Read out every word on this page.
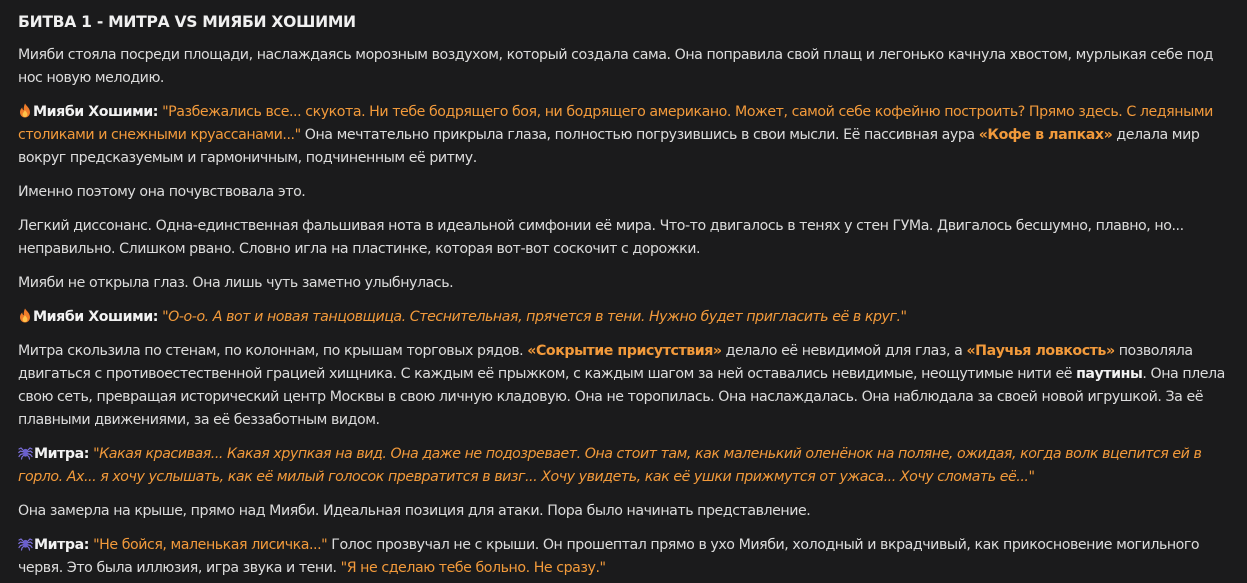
БИТВА 1 - МИТРА VS МИЯБИ ХОШИМИ

Мияби стояла посреди площади, наслаждаясь морозным воздухом, который создала сама. Она поправила свой плащ и легонько качнула хвостом, мурлыкая себе под нос новую мелодию.

Мияби Хошими: "Разбежались все... скукота. Ни тебе бодрящего боя, ни бодрящего американо. Может, самой себе кофейню построить? Прямо здесь. С ледяными столиками и снежными круассанами..." Она мечтательно прикрыла глаза, полностью погрузившись в свои мысли. Её пассивная аура «Кофе в лапках» делала мир вокруг предсказуемым и гармоничным, подчиненным её ритму.

Именно поэтому она почувствовала это.

Легкий диссонанс. Одна-единственная фальшивая нота в идеальной симфонии её мира. Что-то двигалось в тенях у стен ГУМа. Двигалось бесшумно, плавно, но... неправильно. Слишком рвано. Словно игла на пластинке, которая вот-вот соскочит с дорожки.

Мияби не открыла глаз. Она лишь чуть заметно улыбнулась.

Мияби Хошими: "О-о-о. А вот и новая танцовщица. Стеснительная, прячется в тени. Нужно будет пригласить её в круг."

Митра скользила по стенам, по колоннам, по крышам торговых рядов. «Сокрытие присутствия» делало её невидимой для глаз, а «Паучья ловкость» позволяла двигаться с противоестественной грацией хищника. С каждым её прыжком, с каждым шагом за ней оставались невидимые, неощутимые нити её паутины. Она плела свою сеть, превращая исторический центр Москвы в свою личную кладовую. Она не торопилась. Она наслаждалась. Она наблюдала за своей новой игрушкой. За её плавными движениями, за её беззаботным видом.

Митра: "Какая красивая... Какая хрупкая на вид. Она даже не подозревает. Она стоит там, как маленький оленёнок на поляне, ожидая, когда волк вцепится ей в горло. Ах... я хочу услышать, как её милый голосок превратится в визг... Хочу увидеть, как её ушки прижмутся от ужаса... Хочу сломать её..."

Она замерла на крыше, прямо над Мияби. Идеальная позиция для атаки. Пора было начинать представление.

Митра: "Не бойся, маленькая лисичка..." Голос прозвучал не с крыши. Он прошептал прямо в ухо Мияби, холодный и вкрадчивый, как прикосновение могильного червя. Это была иллюзия, игра звука и тени. "Я не сделаю тебе больно. Не сразу."
